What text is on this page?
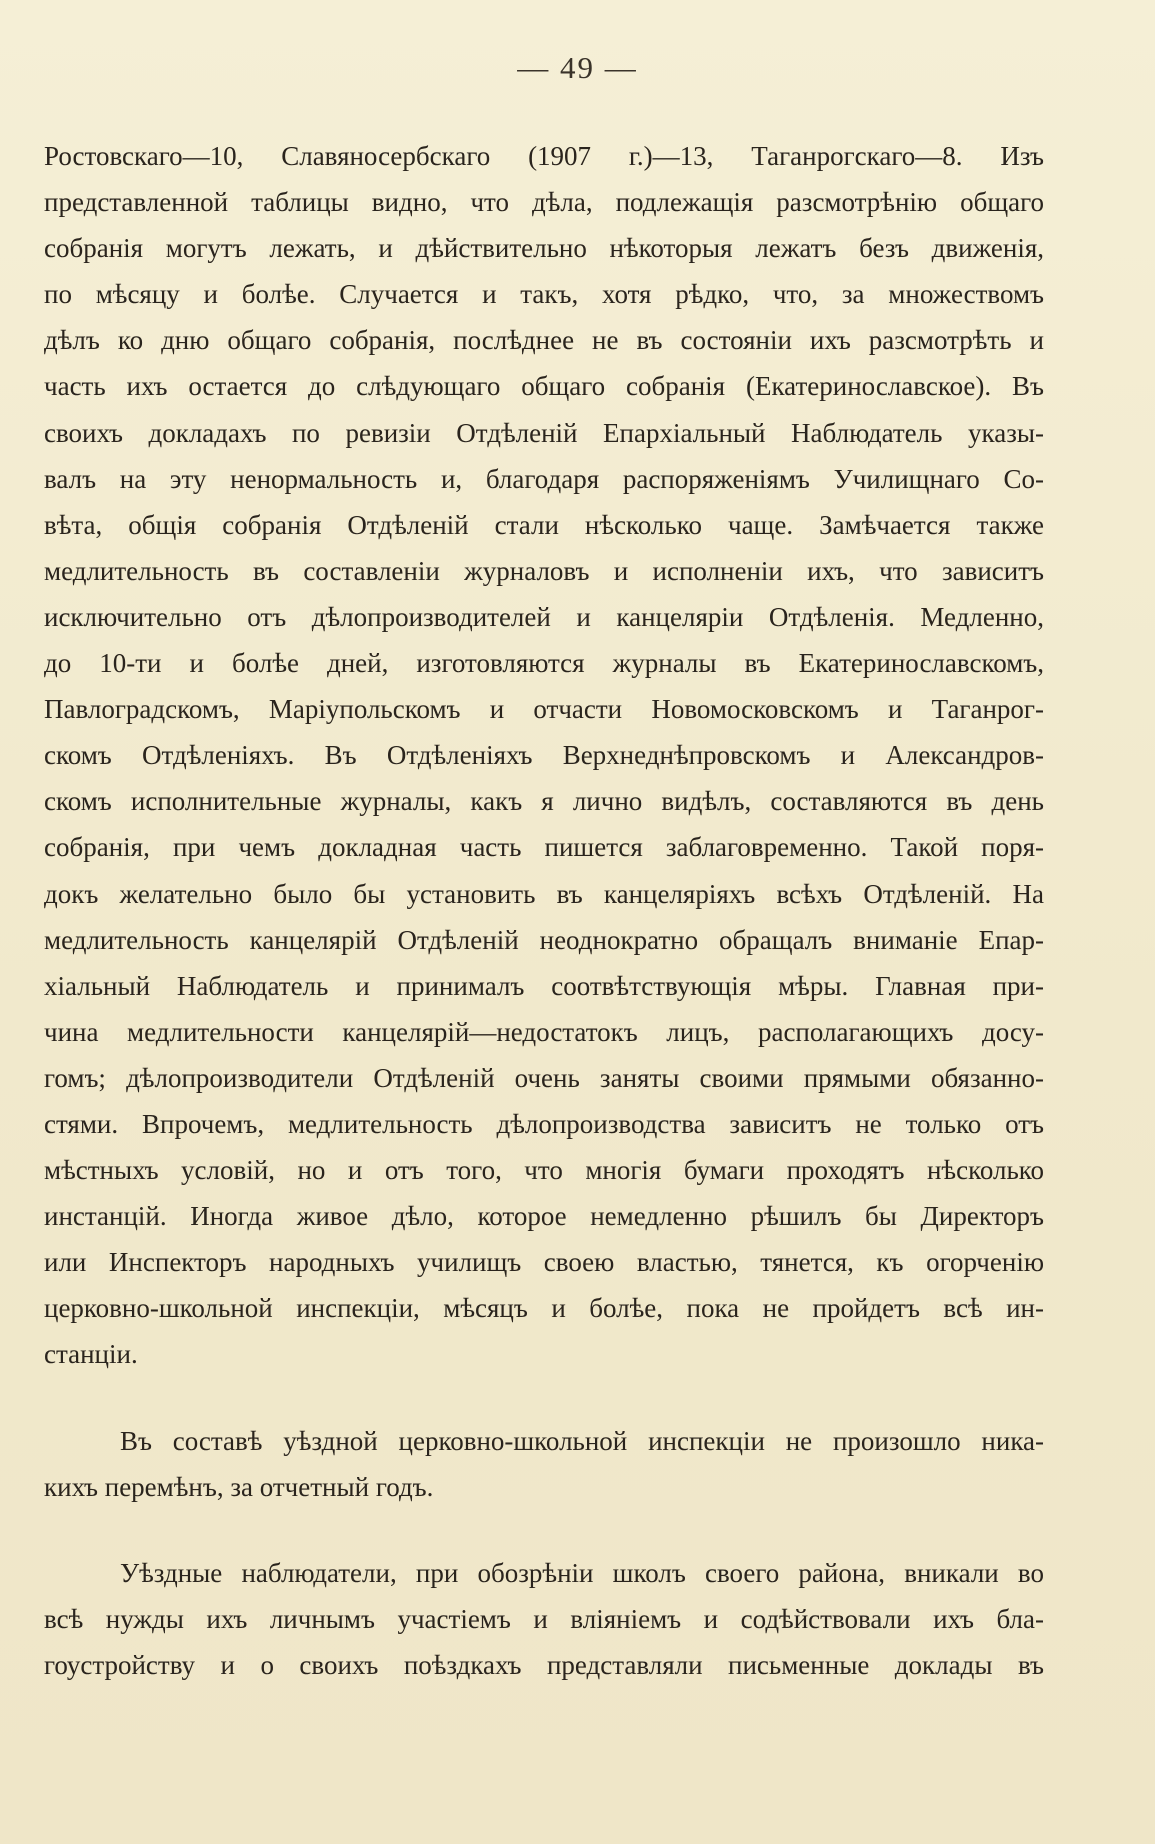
— 49 —
Ростовскаго—10, Славяносербскаго (1907 г.)—13, Таганрогскаго—8. Изъ
представленной таблицы видно, что дѣла, подлежащія разсмотрѣнію общаго
собранія могутъ лежать, и дѣйствительно нѣкоторыя лежатъ безъ движенія,
по мѣсяцу и болѣе. Случается и такъ, хотя рѣдко, что, за множествомъ
дѣлъ ко дню общаго собранія, послѣднее не въ состояніи ихъ разсмотрѣть и
часть ихъ остается до слѣдующаго общаго собранія (Екатеринославское). Въ
своихъ докладахъ по ревизіи Отдѣленій Епархіальный Наблюдатель указы-
валъ на эту ненормальность и, благодаря распоряженіямъ Училищнаго Со-
вѣта, общія собранія Отдѣленій стали нѣсколько чаще. Замѣчается также
медлительность въ составленіи журналовъ и исполненіи ихъ, что зависитъ
исключительно отъ дѣлопроизводителей и канцеляріи Отдѣленія. Медленно,
до 10-ти и болѣе дней, изготовляются журналы въ Екатеринославскомъ,
Павлоградскомъ, Маріупольскомъ и отчасти Новомосковскомъ и Таганрог-
скомъ Отдѣленіяхъ. Въ Отдѣленіяхъ Верхнеднѣпровскомъ и Александров-
скомъ исполнительные журналы, какъ я лично видѣлъ, составляются въ день
собранія, при чемъ докладная часть пишется заблаговременно. Такой поря-
докъ желательно было бы установить въ канцеляріяхъ всѣхъ Отдѣленій. На
медлительность канцелярій Отдѣленій неоднократно обращалъ вниманіе Епар-
хіальный Наблюдатель и принималъ соотвѣтствующія мѣры. Главная при-
чина медлительности канцелярій—недостатокъ лицъ, располагающихъ досу-
гомъ; дѣлопроизводители Отдѣленій очень заняты своими прямыми обязанно-
стями. Впрочемъ, медлительность дѣлопроизводства зависитъ не только отъ
мѣстныхъ условій, но и отъ того, что многія бумаги проходятъ нѣсколько
инстанцій. Иногда живое дѣло, которое немедленно рѣшилъ бы Директоръ
или Инспекторъ народныхъ училищъ своею властью, тянется, къ огорченію
церковно-школьной инспекціи, мѣсяцъ и болѣе, пока не пройдетъ всѣ ин-
станціи.
Въ составѣ уѣздной церковно-школьной инспекціи не произошло ника-
кихъ перемѣнъ, за отчетный годъ.
Уѣздные наблюдатели, при обозрѣніи школъ своего района, вникали во
всѣ нужды ихъ личнымъ участіемъ и вліяніемъ и содѣйствовали ихъ бла-
гоустройству и о своихъ поѣздкахъ представляли письменные доклады въ
